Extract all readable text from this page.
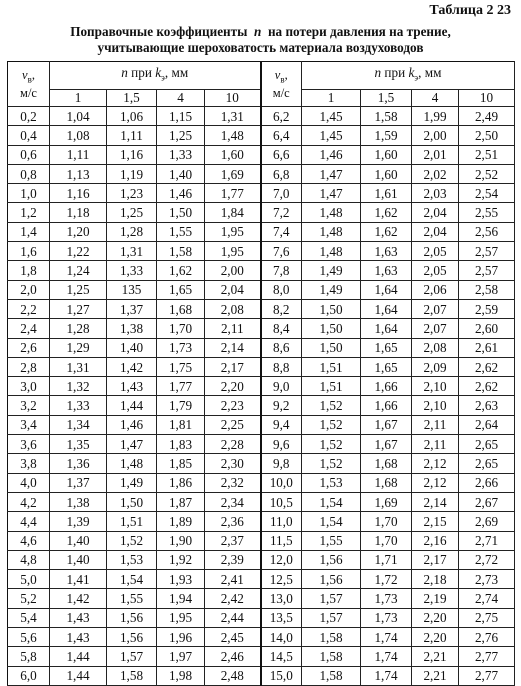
Таблица 2 23
Поправочные коэффициенты n на потери давления на трение,
учитывающие шероховатость материала воздуховодов
$v_в$,
м/с	n при $k_э$, мм				$v_в$,
м/с	n при $k_э$, мм			
	1	1,5	4	10		1	1,5	4	10
0,2	1,04	1,06	1,15	1,31	6,2	1,45	1,58	1,99	2,49
0,4	1,08	1,11	1,25	1,48	6,4	1,45	1,59	2,00	2,50
0,6	1,11	1,16	1,33	1,60	6,6	1,46	1,60	2,01	2,51
0,8	1,13	1,19	1,40	1,69	6,8	1,47	1,60	2,02	2,52
1,0	1,16	1,23	1,46	1,77	7,0	1,47	1,61	2,03	2,54
1,2	1,18	1,25	1,50	1,84	7,2	1,48	1,62	2,04	2,55
1,4	1,20	1,28	1,55	1,95	7,4	1,48	1,62	2,04	2,56
1,6	1,22	1,31	1,58	1,95	7,6	1,48	1,63	2,05	2,57
1,8	1,24	1,33	1,62	2,00	7,8	1,49	1,63	2,05	2,57
2,0	1,25	135	1,65	2,04	8,0	1,49	1,64	2,06	2,58
2,2	1,27	1,37	1,68	2,08	8,2	1,50	1,64	2,07	2,59
2,4	1,28	1,38	1,70	2,11	8,4	1,50	1,64	2,07	2,60
2,6	1,29	1,40	1,73	2,14	8,6	1,50	1,65	2,08	2,61
2,8	1,31	1,42	1,75	2,17	8,8	1,51	1,65	2,09	2,62
3,0	1,32	1,43	1,77	2,20	9,0	1,51	1,66	2,10	2,62
3,2	1,33	1,44	1,79	2,23	9,2	1,52	1,66	2,10	2,63
3,4	1,34	1,46	1,81	2,25	9,4	1,52	1,67	2,11	2,64
3,6	1,35	1,47	1,83	2,28	9,6	1,52	1,67	2,11	2,65
3,8	1,36	1,48	1,85	2,30	9,8	1,52	1,68	2,12	2,65
4,0	1,37	1,49	1,86	2,32	10,0	1,53	1,68	2,12	2,66
4,2	1,38	1,50	1,87	2,34	10,5	1,54	1,69	2,14	2,67
4,4	1,39	1,51	1,89	2,36	11,0	1,54	1,70	2,15	2,69
4,6	1,40	1,52	1,90	2,37	11,5	1,55	1,70	2,16	2,71
4,8	1,40	1,53	1,92	2,39	12,0	1,56	1,71	2,17	2,72
5,0	1,41	1,54	1,93	2,41	12,5	1,56	1,72	2,18	2,73
5,2	1,42	1,55	1,94	2,42	13,0	1,57	1,73	2,19	2,74
5,4	1,43	1,56	1,95	2,44	13,5	1,57	1,73	2,20	2,75
5,6	1,43	1,56	1,96	2,45	14,0	1,58	1,74	2,20	2,76
5,8	1,44	1,57	1,97	2,46	14,5	1,58	1,74	2,21	2,77
6,0	1,44	1,58	1,98	2,48	15,0	1,58	1,74	2,21	2,77
